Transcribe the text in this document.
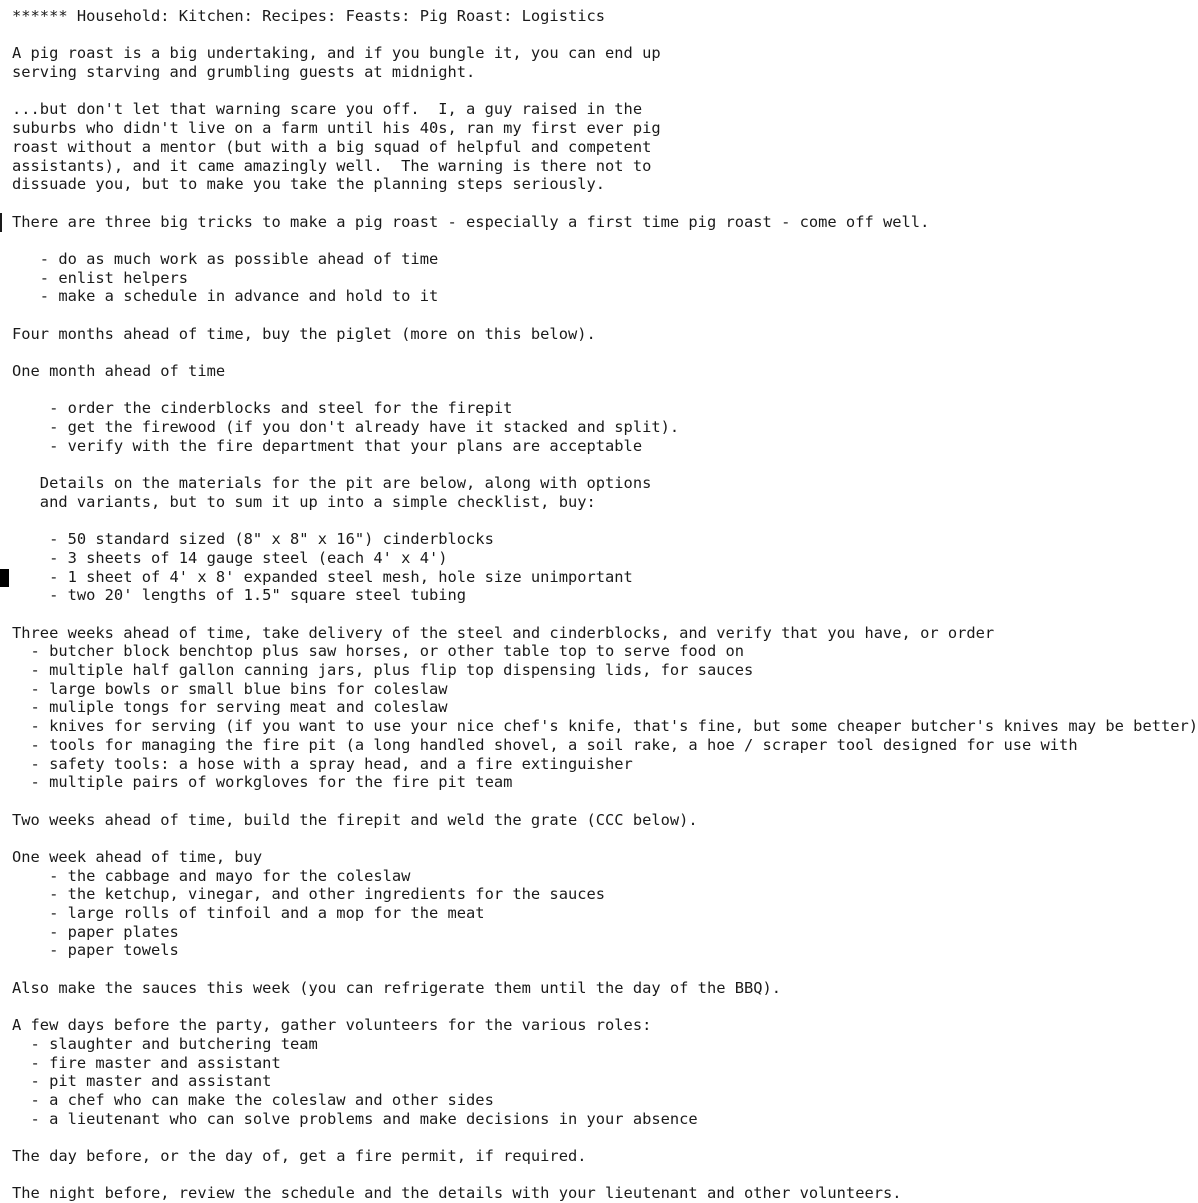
****** Household: Kitchen: Recipes: Feasts: Pig Roast: Logistics
A pig roast is a big undertaking, and if you bungle it, you can end up
serving starving and grumbling guests at midnight.
...but don't let that warning scare you off.  I, a guy raised in the
suburbs who didn't live on a farm until his 40s, ran my first ever pig
roast without a mentor (but with a big squad of helpful and competent
assistants), and it came amazingly well.  The warning is there not to
dissuade you, but to make you take the planning steps seriously.
There are three big tricks to make a pig roast - especially a first time pig roast - come off well.
- do as much work as possible ahead of time
- enlist helpers
- make a schedule in advance and hold to it
Four months ahead of time, buy the piglet (more on this below).
One month ahead of time
- order the cinderblocks and steel for the firepit
- get the firewood (if you don't already have it stacked and split).
- verify with the fire department that your plans are acceptable
Details on the materials for the pit are below, along with options
and variants, but to sum it up into a simple checklist, buy:
- 50 standard sized (8" x 8" x 16") cinderblocks
- 3 sheets of 14 gauge steel (each 4' x 4')
- 1 sheet of 4' x 8' expanded steel mesh, hole size unimportant
- two 20' lengths of 1.5" square steel tubing
Three weeks ahead of time, take delivery of the steel and cinderblocks, and verify that you have, or order
- butcher block benchtop plus saw horses, or other table top to serve food on
- multiple half gallon canning jars, plus flip top dispensing lids, for sauces
- large bowls or small blue bins for coleslaw
- muliple tongs for serving meat and coleslaw
- knives for serving (if you want to use your nice chef's knife, that's fine, but some cheaper butcher's knives may be better)
- tools for managing the fire pit (a long handled shovel, a soil rake, a hoe / scraper tool designed for use with
- safety tools: a hose with a spray head, and a fire extinguisher
- multiple pairs of workgloves for the fire pit team
Two weeks ahead of time, build the firepit and weld the grate (CCC below).
One week ahead of time, buy
- the cabbage and mayo for the coleslaw
- the ketchup, vinegar, and other ingredients for the sauces
- large rolls of tinfoil and a mop for the meat
- paper plates
- paper towels
Also make the sauces this week (you can refrigerate them until the day of the BBQ).
A few days before the party, gather volunteers for the various roles:
- slaughter and butchering team
- fire master and assistant
- pit master and assistant
- a chef who can make the coleslaw and other sides
- a lieutenant who can solve problems and make decisions in your absence
The day before, or the day of, get a fire permit, if required.
The night before, review the schedule and the details with your lieutenant and other volunteers.
